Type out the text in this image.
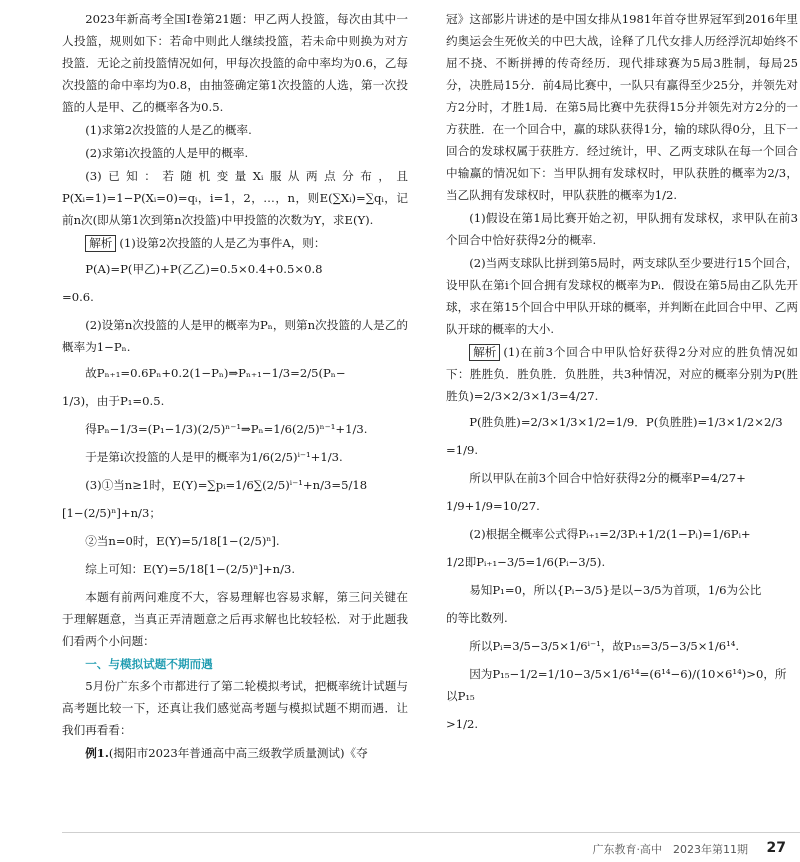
2023年新高考全国Ⅰ卷第21题：甲乙两人投篮，每次由其中一人投篮，规则如下：若命中则此人继续投篮，若未命中则换为对方投篮．无论之前投篮情况如何，甲每次投篮的命中率均为0.6，乙每次投篮的命中率均为0.8，由抽签确定第1次投篮的人选，第一次投篮的人是甲、乙的概率各为0.5.
(1)求第2次投篮的人是乙的概率.
(2)求第i次投篮的人是甲的概率.
(3)已知：若随机变量Xᵢ服从两点分布，且P(Xᵢ=1)=1−P(Xᵢ=0)=qᵢ，i=1，2，…，n，则E(∑Xᵢ)=∑qᵢ，记前n次(即从第1次到第n次投篮)中甲投篮的次数为Y，求E(Y).
解析 (1)设第2次投篮的人是乙为事件A，则：
P(A)=P(甲乙)+P(乙乙)=0.5×0.4+0.5×0.8
=0.6.
(2)设第n次投篮的人是甲的概率为Pₙ，则第n次投篮的人是乙的概率为1−Pₙ.
故Pₙ₊₁=0.6Pₙ+0.2(1−Pₙ)⇒Pₙ₊₁−1/3=2/5(Pₙ−
1/3)，由于P₁=0.5.
得Pₙ−1/3=(P₁−1/3)(2/5)ⁿ⁻¹⇒Pₙ=1/6(2/5)ⁿ⁻¹+1/3.
于是第i次投篮的人是甲的概率为1/6(2/5)ⁱ⁻¹+1/3.
(3)①当n≥1时，E(Y)=∑pᵢ=1/6∑(2/5)ⁱ⁻¹+n/3=5/18
[1−(2/5)ⁿ]+n/3；
②当n=0时，E(Y)=5/18[1−(2/5)ⁿ].
综上可知：E(Y)=5/18[1−(2/5)ⁿ]+n/3.
本题有前两问难度不大，容易理解也容易求解，第三问关键在于理解题意，当真正弄清题意之后再求解也比较轻松．对于此题我们看两个小问题：
一、与模拟试题不期而遇
5月份广东多个市都进行了第二轮模拟考试，把概率统计试题与高考题比较一下，还真让我们感觉高考题与模拟试题不期而遇．让我们再看看：
例1.(揭阳市2023年普通高中高三级教学质量测试)《夺
冠》这部影片讲述的是中国女排从1981年首夺世界冠军到2016年里约奥运会生死攸关的中巴大战，诠释了几代女排人历经浮沉却始终不屈不挠、不断拼搏的传奇经历．现代排球赛为5局3胜制，每局25分，决胜局15分．前4局比赛中，一队只有赢得至少25分，并领先对方2分时，才胜1局．在第5局比赛中先获得15分并领先对方2分的一方获胜．在一个回合中，赢的球队获得1分，输的球队得0分，且下一回合的发球权属于获胜方．经过统计，甲、乙两支球队在每一个回合中输赢的情况如下：当甲队拥有发球权时，甲队获胜的概率为2/3，当乙队拥有发球权时，甲队获胜的概率为1/2.
(1)假设在第1局比赛开始之初，甲队拥有发球权，求甲队在前3个回合中恰好获得2分的概率.
(2)当两支球队比拼到第5局时，两支球队至少要进行15个回合，设甲队在第i个回合拥有发球权的概率为Pᵢ．假设在第5局由乙队先开球，求在第15个回合中甲队开球的概率，并判断在此回合中甲、乙两队开球的概率的大小.
解析 (1)在前3个回合中甲队恰好获得2分对应的胜负情况如下：胜胜负．胜负胜．负胜胜，共3种情况，对应的概率分别为P(胜胜负)=2/3×2/3×1/3=4/27.
P(胜负胜)=2/3×1/3×1/2=1/9．P(负胜胜)=1/3×1/2×2/3
=1/9.
所以甲队在前3个回合中恰好获得2分的概率P=4/27+
1/9+1/9=10/27.
(2)根据全概率公式得Pᵢ₊₁=2/3Pᵢ+1/2(1−Pᵢ)=1/6Pᵢ+
1/2即Pᵢ₊₁−3/5=1/6(Pᵢ−3/5).
易知P₁=0，所以{Pᵢ−3/5}是以−3/5为首项，1/6为公比
的等比数列.
所以Pᵢ=3/5−3/5×1/6ⁱ⁻¹，故P₁₅=3/5−3/5×1/6¹⁴.
因为P₁₅−1/2=1/10−3/5×1/6¹⁴=(6¹⁴−6)/(10×6¹⁴)>0，所以P₁₅
>1/2.
广东教育·高中　2023年第11期 27
